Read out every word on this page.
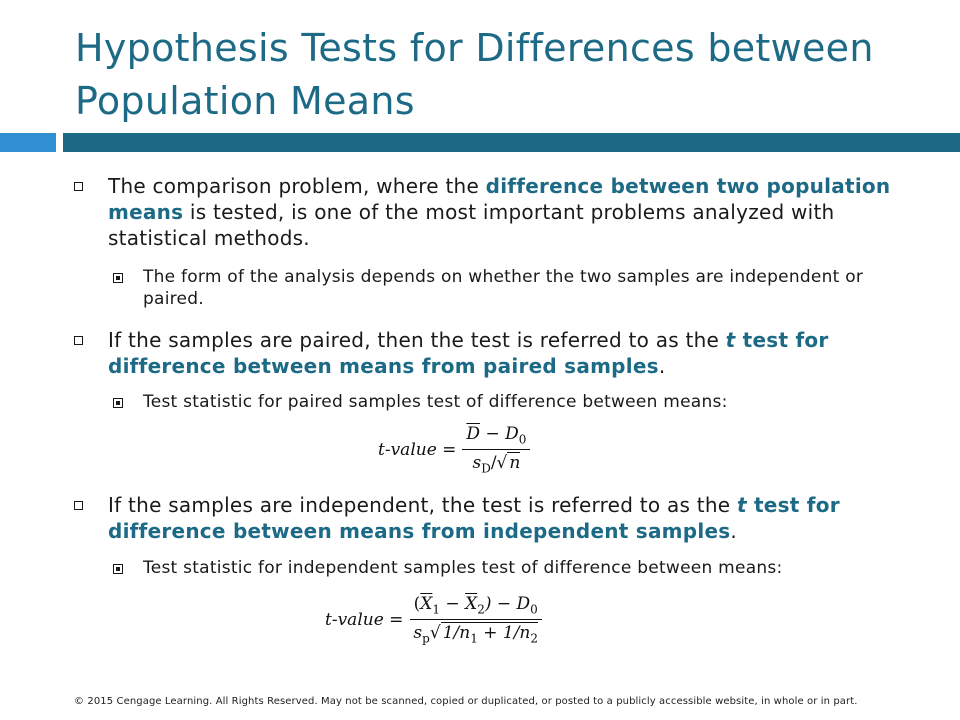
Hypothesis Tests for Differences between Population Means
The comparison problem, where the difference between two population means is tested, is one of the most important problems analyzed with statistical methods.
The form of the analysis depends on whether the two samples are independent or paired.
If the samples are paired, then the test is referred to as the t test for difference between means from paired samples.
Test statistic for paired samples test of difference between means:
t-value = $\frac{\overline{D} - D_0}{s_D/√ n}$
If the samples are independent, the test is referred to as the t test for difference between means from independent samples.
Test statistic for independent samples test of difference between means:
t-value = $\frac{(\overline{X}_1 - \overline{X}_2) - D_0}{s_p√ 1/n_1 + 1/n_2}$
© 2015 Cengage Learning. All Rights Reserved. May not be scanned, copied or duplicated, or posted to a publicly accessible website, in whole or in part.
